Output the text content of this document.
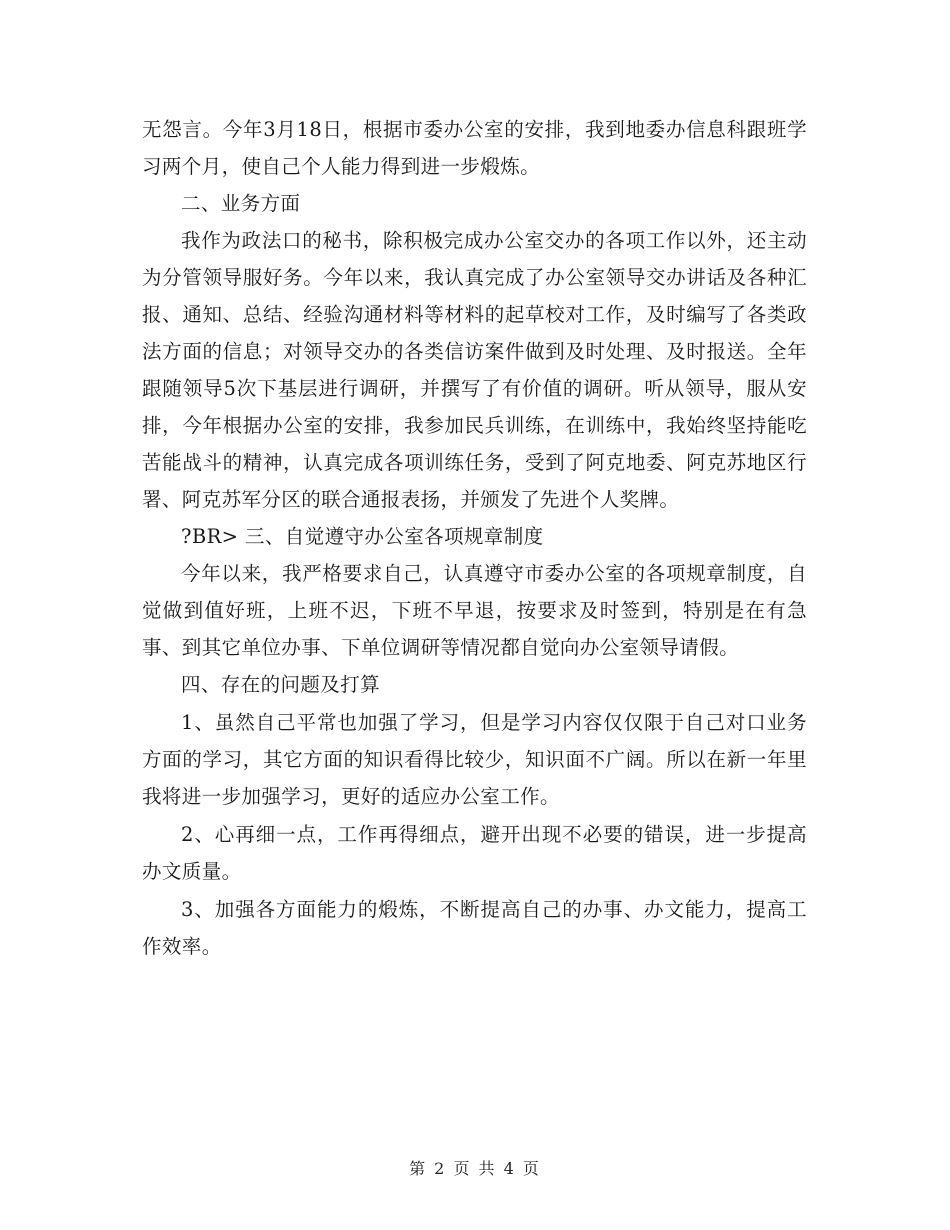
无怨言。今年3月18日，根据市委办公室的安排，我到地委办信息科跟班学习两个月，使自己个人能力得到进一步煅炼。

二、业务方面

我作为政法口的秘书，除积极完成办公室交办的各项工作以外，还主动为分管领导服好务。今年以来，我认真完成了办公室领导交办讲话及各种汇报、通知、总结、经验沟通材料等材料的起草校对工作，及时编写了各类政法方面的信息；对领导交办的各类信访案件做到及时处理、及时报送。全年跟随领导5次下基层进行调研，并撰写了有价值的调研。听从领导，服从安排，今年根据办公室的安排，我参加民兵训练，在训练中，我始终坚持能吃苦能战斗的精神，认真完成各项训练任务，受到了阿克地委、阿克苏地区行署、阿克苏军分区的联合通报表扬，并颁发了先进个人奖牌。

?BR> 三、自觉遵守办公室各项规章制度

今年以来，我严格要求自己，认真遵守市委办公室的各项规章制度，自觉做到值好班，上班不迟，下班不早退，按要求及时签到，特别是在有急事、到其它单位办事、下单位调研等情况都自觉向办公室领导请假。

四、存在的问题及打算

1、虽然自己平常也加强了学习，但是学习内容仅仅限于自己对口业务方面的学习，其它方面的知识看得比较少，知识面不广阔。所以在新一年里我将进一步加强学习，更好的适应办公室工作。

2、心再细一点，工作再得细点，避开出现不必要的错误，进一步提高办文质量。

3、加强各方面能力的煅炼，不断提高自己的办事、办文能力，提高工作效率。

第 2 页 共 4 页
